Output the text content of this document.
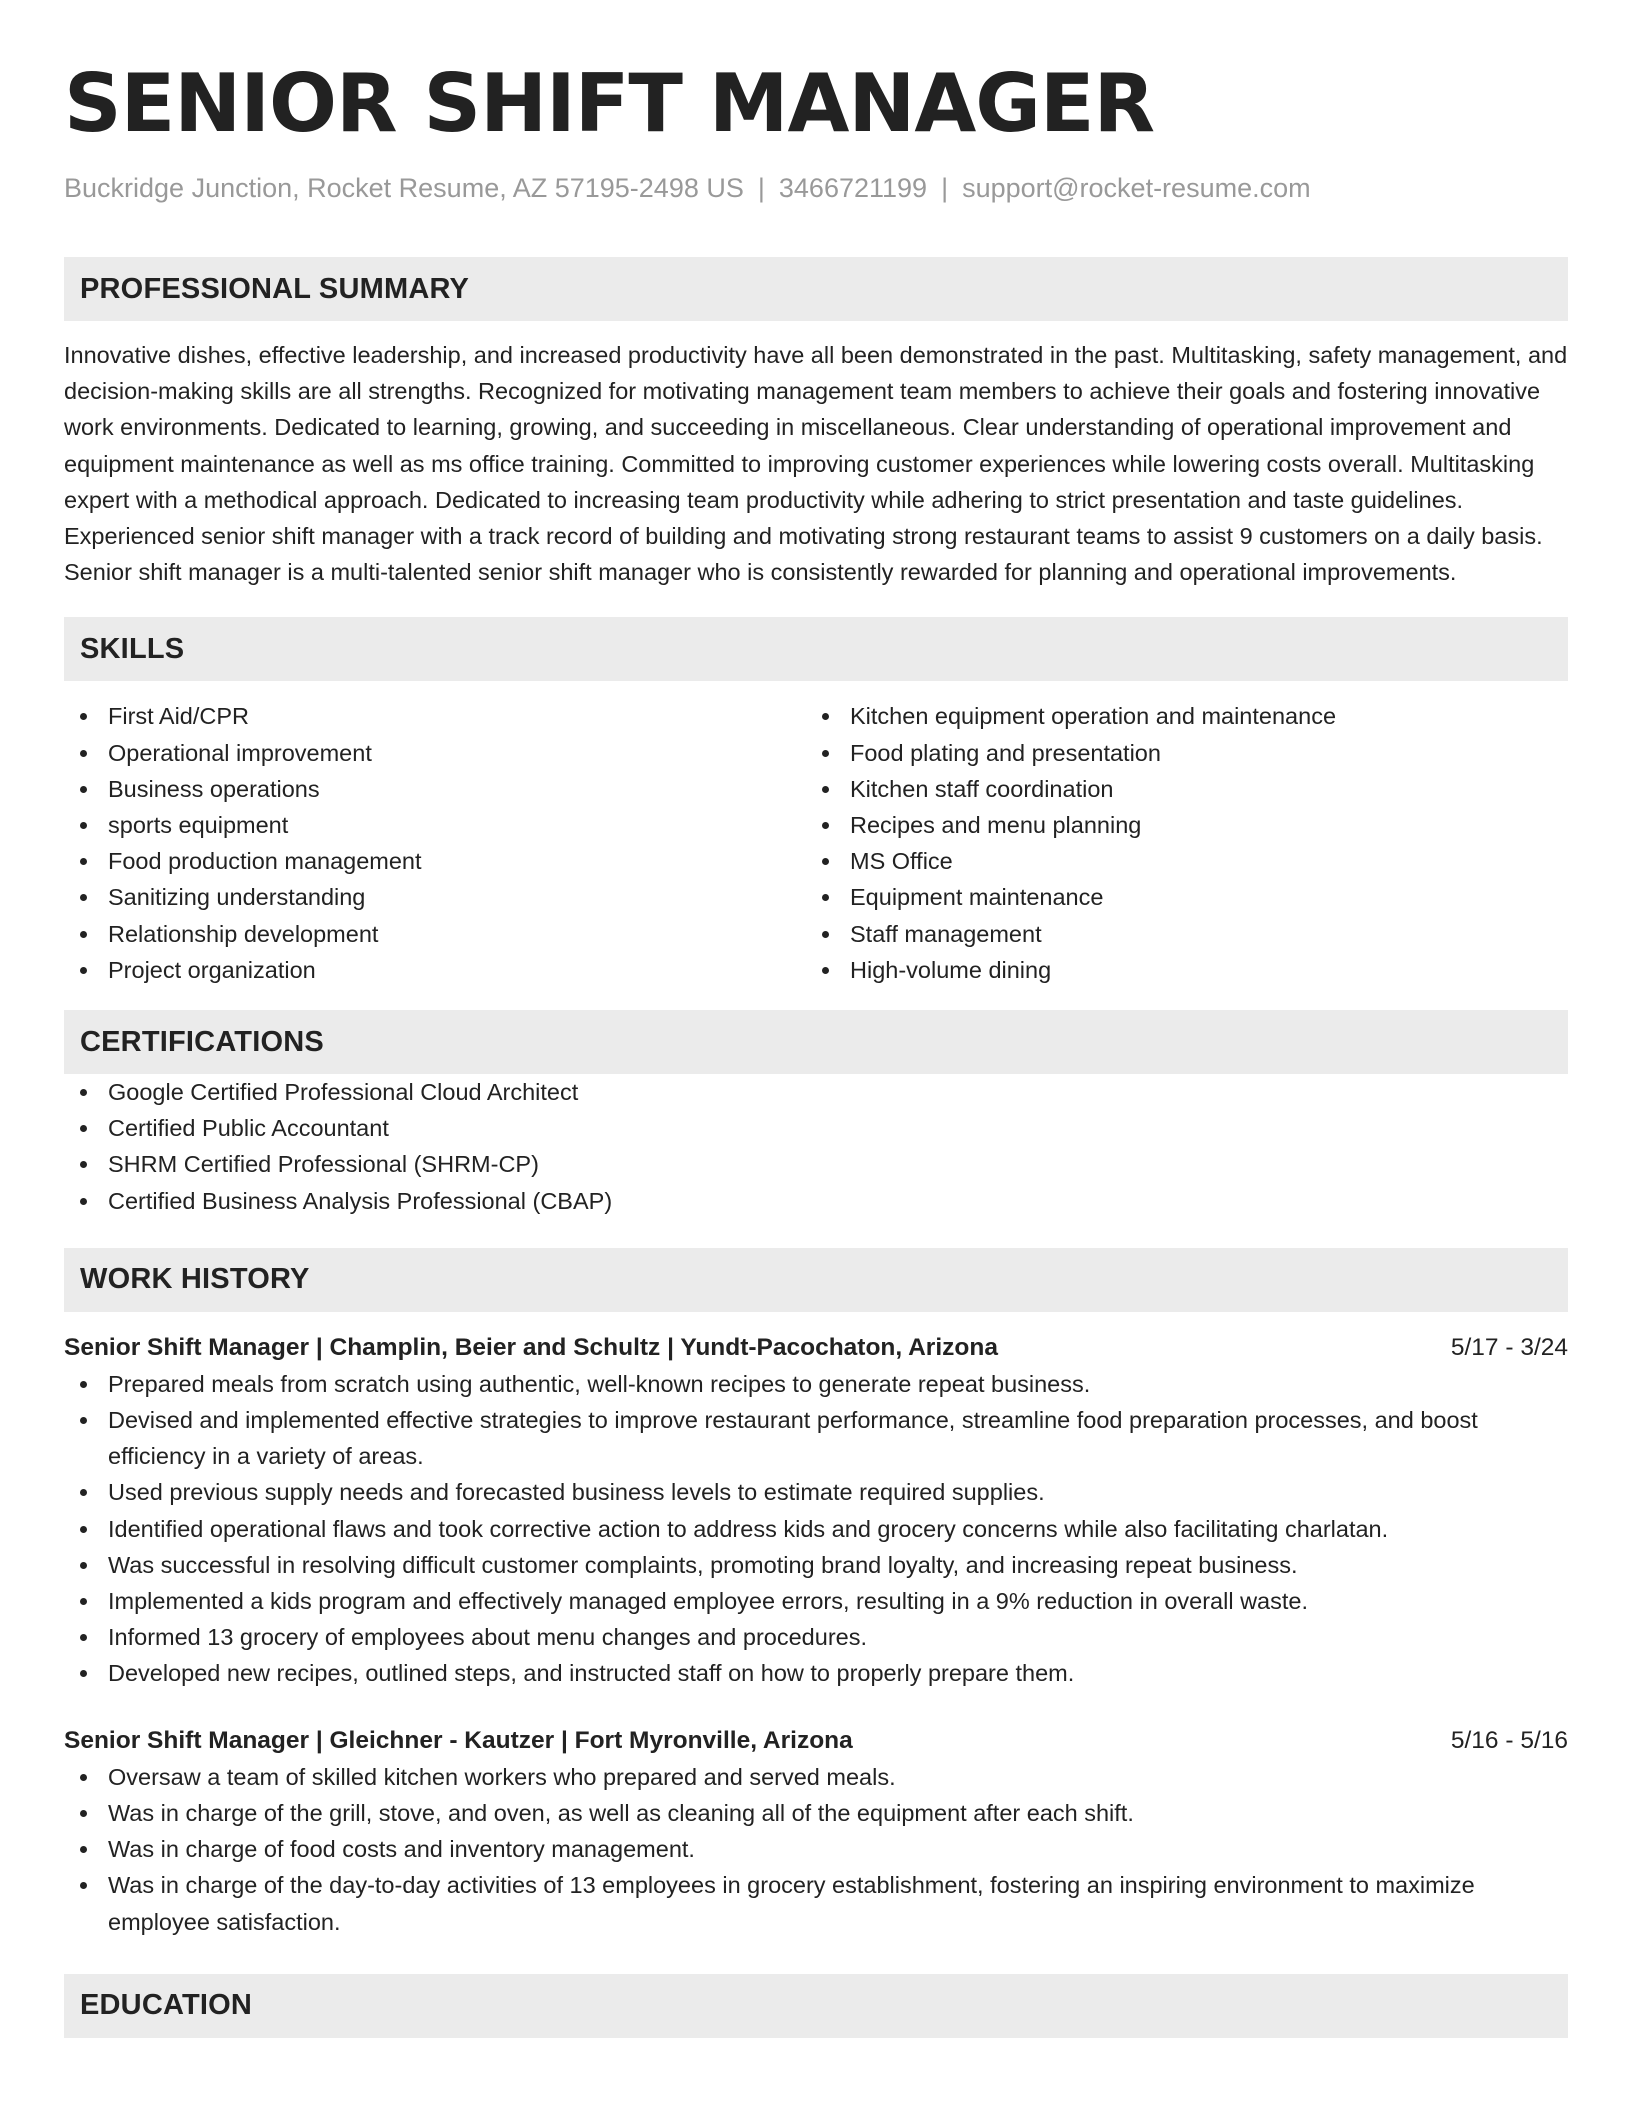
SENIOR SHIFT MANAGER
Buckridge Junction, Rocket Resume, AZ 57195-2498 US | 3466721199 | support@rocket-resume.com
PROFESSIONAL SUMMARY

Innovative dishes, effective leadership, and increased productivity have all been demonstrated in the past. Multitasking, safety management, and decision-making skills are all strengths. Recognized for motivating management team members to achieve their goals and fostering innovative work environments. Dedicated to learning, growing, and succeeding in miscellaneous. Clear understanding of operational improvement and equipment maintenance as well as ms office training. Committed to improving customer experiences while lowering costs overall. Multitasking expert with a methodical approach. Dedicated to increasing team productivity while adhering to strict presentation and taste guidelines. Experienced senior shift manager with a track record of building and motivating strong restaurant teams to assist 9 customers on a daily basis. Senior shift manager is a multi-talented senior shift manager who is consistently rewarded for planning and operational improvements.

SKILLS
First Aid/CPR
Operational improvement
Business operations
sports equipment
Food production management
Sanitizing understanding
Relationship development
Project organization
Kitchen equipment operation and maintenance
Food plating and presentation
Kitchen staff coordination
Recipes and menu planning
MS Office
Equipment maintenance
Staff management
High-volume dining
CERTIFICATIONS
Google Certified Professional Cloud Architect
Certified Public Accountant
SHRM Certified Professional (SHRM-CP)
Certified Business Analysis Professional (CBAP)
WORK HISTORY
Senior Shift Manager | Champlin, Beier and Schultz | Yundt-Pacochaton, Arizona	5/17 - 3/24
Prepared meals from scratch using authentic, well-known recipes to generate repeat business.
Devised and implemented effective strategies to improve restaurant performance, streamline food preparation processes, and boost efficiency in a variety of areas.
Used previous supply needs and forecasted business levels to estimate required supplies.
Identified operational flaws and took corrective action to address kids and grocery concerns while also facilitating charlatan.
Was successful in resolving difficult customer complaints, promoting brand loyalty, and increasing repeat business.
Implemented a kids program and effectively managed employee errors, resulting in a 9% reduction in overall waste.
Informed 13 grocery of employees about menu changes and procedures.
Developed new recipes, outlined steps, and instructed staff on how to properly prepare them.
Senior Shift Manager | Gleichner - Kautzer | Fort Myronville, Arizona	5/16 - 5/16
Oversaw a team of skilled kitchen workers who prepared and served meals.
Was in charge of the grill, stove, and oven, as well as cleaning all of the equipment after each shift.
Was in charge of food costs and inventory management.
Was in charge of the day-to-day activities of 13 employees in grocery establishment, fostering an inspiring environment to maximize employee satisfaction.
EDUCATION
